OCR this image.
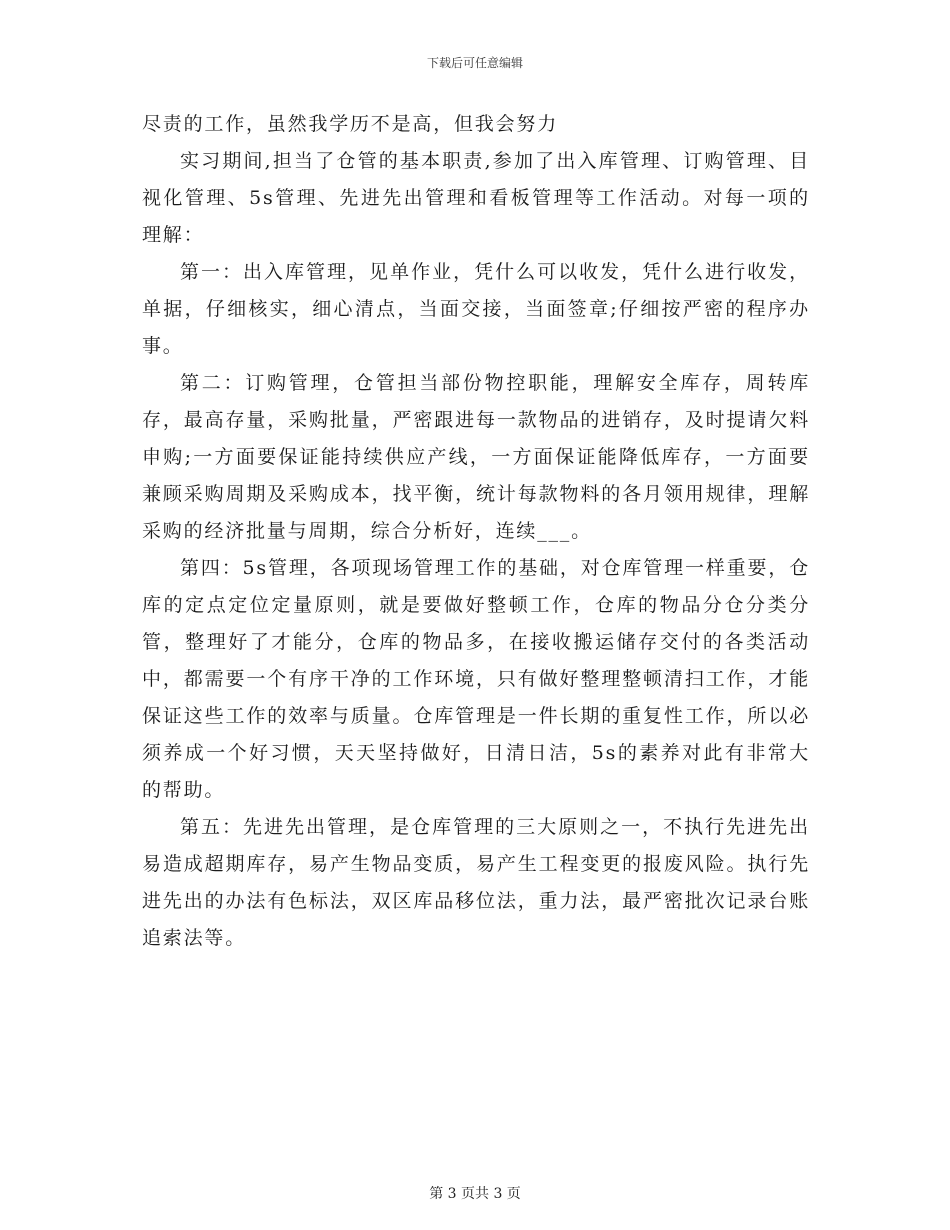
下载后可任意编辑

尽责的工作，虽然我学历不是高，但我会努力

实习期间,担当了仓管的基本职责,参加了出入库管理、订购管理、目视化管理、5s管理、先进先出管理和看板管理等工作活动。对每一项的理解：

第一：出入库管理，见单作业，凭什么可以收发，凭什么进行收发，单据，仔细核实，细心清点，当面交接，当面签章;仔细按严密的程序办事。

第二：订购管理，仓管担当部份物控职能，理解安全库存，周转库存，最高存量，采购批量，严密跟进每一款物品的进销存，及时提请欠料申购;一方面要保证能持续供应产线，一方面保证能降低库存，一方面要兼顾采购周期及采购成本，找平衡，统计每款物料的各月领用规律，理解采购的经济批量与周期，综合分析好，连续___。

第四：5s管理，各项现场管理工作的基础，对仓库管理一样重要，仓库的定点定位定量原则，就是要做好整顿工作，仓库的物品分仓分类分管，整理好了才能分，仓库的物品多，在接收搬运储存交付的各类活动中，都需要一个有序干净的工作环境，只有做好整理整顿清扫工作，才能保证这些工作的效率与质量。仓库管理是一件长期的重复性工作，所以必须养成一个好习惯，天天坚持做好，日清日洁，5s的素养对此有非常大的帮助。

第五：先进先出管理，是仓库管理的三大原则之一，不执行先进先出易造成超期库存，易产生物品变质，易产生工程变更的报废风险。执行先进先出的办法有色标法，双区库品移位法，重力法，最严密批次记录台账追索法等。

第 3 页共 3 页
